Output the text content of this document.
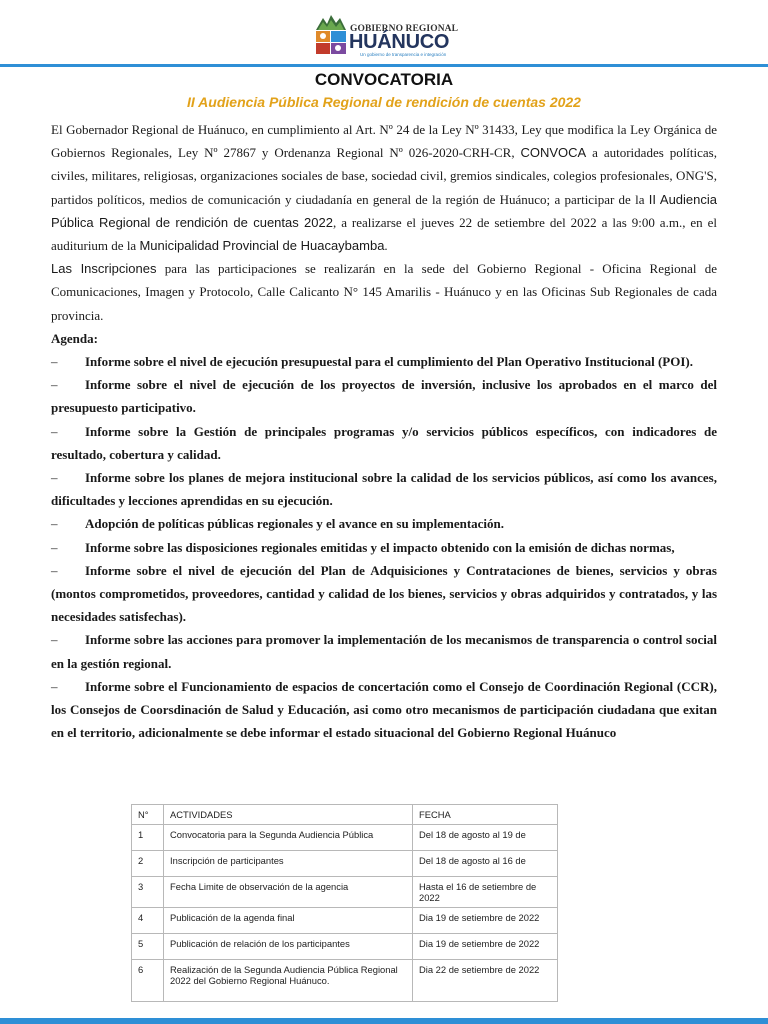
GOBIERNO REGIONAL
HUÁNUCO
Un gobierno de transparencia e integración
CONVOCATORIA
II Audiencia Pública Regional de rendición de cuentas 2022

El Gobernador Regional de Huánuco, en cumplimiento al Art. Nº 24 de la Ley Nº 31433, Ley que modifica la Ley Orgánica de Gobiernos Regionales, Ley Nº 27867 y Ordenanza Regional Nº 026-2020-CRH-CR, CONVOCA a autoridades políticas, civiles, militares, religiosas, organizaciones sociales de base, sociedad civil, gremios sindicales, colegios profesionales, ONG'S, partidos políticos, medios de comunicación y ciudadanía en general de la región de Huánuco; a participar de la II Audiencia Pública Regional de rendición de cuentas 2022, a realizarse el jueves 22 de setiembre del 2022 a las 9:00 a.m., en el auditurium de la Municipalidad Provincial de Huacaybamba.

Las Inscripciones para las participaciones se realizarán en la sede del Gobierno Regional - Oficina Regional de Comunicaciones, Imagen y Protocolo, Calle Calicanto N° 145 Amarilis - Huánuco y en las Oficinas Sub Regionales de cada provincia.

Agenda:

– Informe sobre el nivel de ejecución presupuestal para el cumplimiento del Plan Operativo Institucional (POI).

– Informe sobre el nivel de ejecución de los proyectos de inversión, inclusive los aprobados en el marco del presupuesto participativo.

– Informe sobre la Gestión de principales programas y/o servicios públicos específicos, con indicadores de resultado, cobertura y calidad.

– Informe sobre los planes de mejora institucional sobre la calidad de los servicios públicos, así como los avances, dificultades y lecciones aprendidas en su ejecución.

– Adopción de políticas públicas regionales y el avance en su implementación.

– Informe sobre las disposiciones regionales emitidas y el impacto obtenido con la emisión de dichas normas,

– Informe sobre el nivel de ejecución del Plan de Adquisiciones y Contrataciones de bienes, servicios y obras (montos comprometidos, proveedores, cantidad y calidad de los bienes, servicios y obras adquiridos y contratados, y las necesidades satisfechas).

– Informe sobre las acciones para promover la implementación de los mecanismos de transparencia o control social en la gestión regional.

– Informe sobre el Funcionamiento de espacios de concertación como el Consejo de Coordinación Regional (CCR), los Consejos de Coorsdinación de Salud y Educación, asi como otro mecanismos de participación ciudadana que exitan en el territorio, adicionalmente se debe informar el estado situacional del Gobierno Regional Huánuco

N°	ACTIVIDADES	FECHA
1	Convocatoria para la Segunda Audiencia Pública	Del 18 de agosto al 19 de
2	Inscripción de participantes	Del 18 de agosto al 16 de
3	Fecha Limite de observación de la agencia	Hasta el 16 de setiembre de 2022
4	Publicación de la agenda final	Dia 19 de setiembre de 2022
5	Publicación de relación de los participantes	Dia 19 de setiembre de 2022
6	Realización de la Segunda Audiencia Pública Regional 2022 del Gobierno Regional Huánuco.	Dia 22 de setiembre de 2022
